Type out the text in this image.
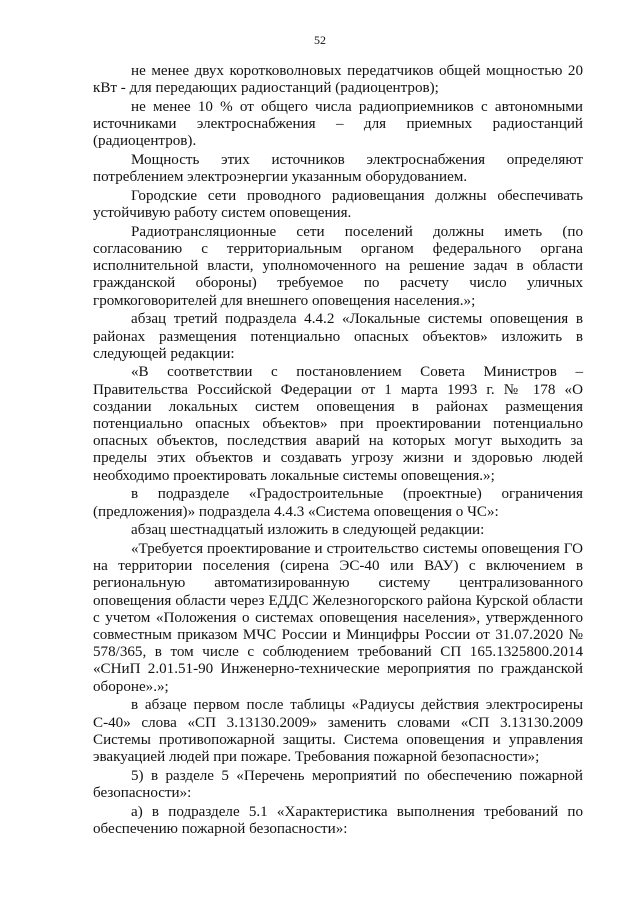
52

не менее двух коротковолновых передатчиков общей мощностью 20 кВт - для передающих радиостанций (радиоцентров);

не менее 10 % от общего числа радиоприемников с автономными источниками электроснабжения – для приемных радиостанций (радиоцентров).

Мощность этих источников электроснабжения определяют потреблением электроэнергии указанным оборудованием.

Городские сети проводного радиовещания должны обеспечивать устойчивую работу систем оповещения.

Радиотрансляционные сети поселений должны иметь (по согласованию с территориальным органом федерального органа исполнительной власти, уполномоченного на решение задач в области гражданской обороны) требуемое по расчету число уличных громкоговорителей для внешнего оповещения населения.»;

абзац третий подраздела 4.4.2 «Локальные системы оповещения в районах размещения потенциально опасных объектов» изложить в следующей редакции:

«В соответствии с постановлением Совета Министров – Правительства Российской Федерации от 1 марта 1993 г. № 178 «О создании локальных систем оповещения в районах размещения потенциально опасных объектов» при проектировании потенциально опасных объектов, последствия аварий на которых могут выходить за пределы этих объектов и создавать угрозу жизни и здоровью людей необходимо проектировать локальные системы оповещения.»;

в подразделе «Градостроительные (проектные) ограничения (предложения)» подраздела 4.4.3 «Система оповещения о ЧС»:

абзац шестнадцатый изложить в следующей редакции:

«Требуется проектирование и строительство системы оповещения ГО на территории поселения (сирена ЭС-40 или ВАУ) с включением в региональную автоматизированную систему централизованного оповещения области через ЕДДС Железногорского района Курской области с учетом «Положения о системах оповещения населения», утвержденного совместным приказом МЧС России и Минцифры России от 31.07.2020 № 578/365, в том числе с соблюдением требований СП 165.1325800.2014 «СНиП 2.01.51-90 Инженерно-технические мероприятия по гражданской обороне».»;

в абзаце первом после таблицы «Радиусы действия электросирены С-40» слова «СП 3.13130.2009» заменить словами «СП 3.13130.2009 Системы противопожарной защиты. Система оповещения и управления эвакуацией людей при пожаре. Требования пожарной безопасности»;

5) в разделе 5 «Перечень мероприятий по обеспечению пожарной безопасности»:

а) в подразделе 5.1 «Характеристика выполнения требований по обеспечению пожарной безопасности»:
